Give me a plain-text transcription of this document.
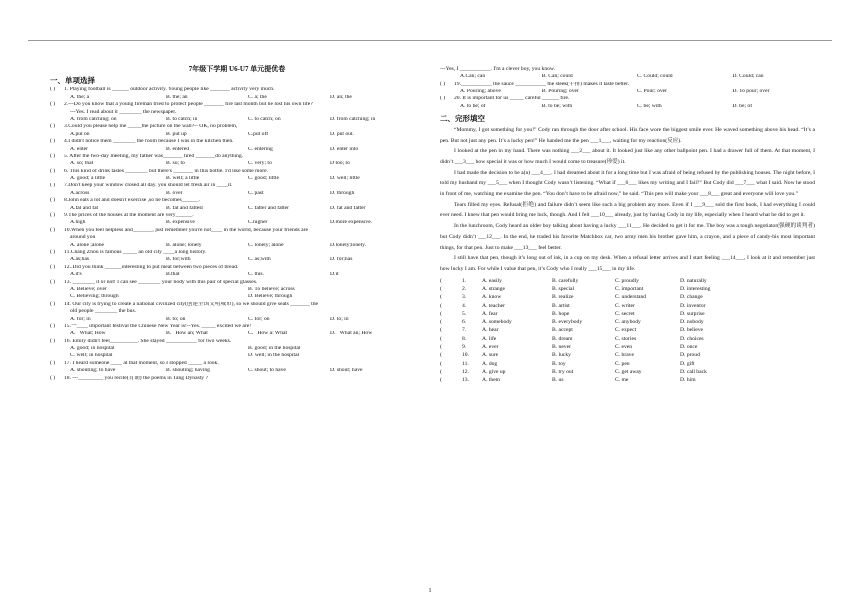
7年级下学期 U6-U7 单元提优卷
一、单项选择
( )	1. Playing football is ______ outdoor activity. Young people like _______ activity very much.
A. the; a	B. the; an	C. a; the	D. an; the
( )	2.---Do you know that a young fireman tried to protect people _______ fire last month but he lost his own life?
---Yes. I read about it ________ the newspaper.
A. from catching; on	B. to catch; in	C. to catch; on	D. from catching; in
( )	3.Could you please help me _____the picture on the wall?-- OK, no problem,
A.put on	B. put up	C.put off	D. put out.
( )	4.I didn't notice them ________ the room because I was in the kitchen then.
A. enter	B. entered	C. entering	D. enter into
( )	5. After the two-day meeting, my father was_______ tired _______do anything.
A. so; that	B. so; to	C. very; to	D too; to
( )	6. This kind of drink tastes ________ but there's _______ in this bottle. I'd like some more.
A. good; a little	B. well; a little	C. good; little	D. well; little
( )	7.Don't keep your window closed all day. you should let fresh air in ____it.
A.across	B. over	C. past	D. through
( )	8.John eats a lot and doesn't exercise ,so he becomes______.
A.fat and fat	B. fat and fattest	C. fatter and fatter	D. fat and fatter
( )	9.The prices of the houses at the moment are very______.
A.high	B. expensive	C.higher	D.more expensive.
( )	10.When you feel helpless and_______, just remember you're not____ in the world, because your friends are
around you
A. alone ;alone	B. alone; lonely	C. lonely; alone	D.lonely;lonely.
( )	11.Chang Zhou is famous _____ an old city ____a long history.
A.as;has	B. for;with	C. as;with	D. for;has
( )	12..Did you think ______interesting to put meat between two pieces of bread.
A.it's	B.that	C. this.	D.it
( )	13. ________ it or not! I can see ________ your body with this pair of special glasses.
A. Believe; over	B. To believe; across
C. Believing; through	D. Believe; through
( )	14. Our city is trying to create a national civilized city(创建全国文明城市), so we should give seats _______ the
old people ________ the bus.
A. for; in	B. to; on	C. for; on	D. to; in
( )	15.一____ important festival the Chinese New Year is!--Yes. _____ excited we are!
A．What; How	B．How an; What	C．How a: What	D．What an; How
( )	16. Emily didn't feel__________. She stayed ___________ for two weeks.
A. good; in hospital	B. good; in the hospital
C. well; in hospital	D. well; in the hospital
( )	17. I heard someone ____ at that moment, so I stopped _____ a look.
A. shouting; to have	B. shouting; having	C. shout; to have	D. shout; have
( )	18. ---_________ you recite(背诵) the poems in Tang Dynasty ?
---Yes, I ___________. I'm a clever boy, you know.
A.Can; can	B. Can; could	C. Could; could	D. Could; can
( )	19.___________ the sauce ___________ the steek(牛排) makes it taste better.
A. Pouring; above	B. Pouring; over	C. Pour; over	D. To pour; over
( )	20. It is important for us _____ careful ______ fire.
A. to be; of	B. to be; with	C. be; with	D. be; of
二、完形填空

“Mommy, I got something for you!” Cody ran through the door after school. His face wore the biggest smile ever. He waved something above his head. “It’s a pen. But not just any pen. It’s a lucky pen!” He handed me the pen ___1___, waiting for my reaction(反应).

I looked at the pen in my hand. There was nothing ___2___ about it. It looked just like any other ballpoint pen. I had a drawer full of them. At that moment, I didn’t ___3___ how special it was or how much I would come to treasure(珍爱) it.

I had made the decision to be a(n) ___4___. I had dreamed about it for a long time but I was afraid of being refused by the publishing houses. The night before, I told my husband my ___5___ when I thought Cody wasn’t listening. “What if ___6___ likes my writing and I fail?” But Cody did ___7___ what I said. Now he stood in front of me, watching me examine the pen. “You don’t have to be afraid now,” he said. “This pen will make your ___8___ great and everyone will love you.”

Tears filled my eyes. Refusal(拒绝) and failure didn’t seem like such a big problem any more. Even if I ___9___ sold the first book, I had everything I could ever need. I knew that pen would bring me luck, though. And I felt ___10___ already, just by having Cody in my life, especially when I heard what he did to get it.

In the lunchroom, Cody heard an older boy talking about having a lucky ___11___. He decided to get it for me. The boy was a tough negotiator(强硬的谈判者) but Cody didn’t ___12___. In the end, he traded his favorite Matchbox car, two army men his brother gave him, a crayon, and a piece of candy-his most important things, for that pen. Just to make ___13___ feel better.

I still have that pen, though it’s long out of ink, in a cup on my desk. When a refusal letter arrives and I start feeling ___14___, I look at it and remember just how lucky I am. For while I value that pen, it’s Cody who I really ___15___ in my life.

(	1.	A. easily	B. carefully	C. proudly	D. naturally
(	2.	A. strange	B. special	C. important	D. interesting
(	3.	A. know	B. realize	C. understand	D. change
(	4.	A. teacher	B. artist	C. writer	D. inventor
(	5.	A. fear	B. hope	C. secret	D. surprise
(	6.	A. somebody	B. everybody	C. anybody	D. nobody
(	7.	A. hear	B. accept	C. expect	D. believe
(	8.	A. life	B. dream	C. stories	D. choices
(	9.	A. ever	B. never	C. even	D. once
(	10.	A. sure	B. lucky	C. brave	D. proud
(	11.	A. dog	B. toy	C. pen	D. gift
(	12.	A. give up	B. try out	C. get away	D. call back
(	13.	A. them	B. us	C. me	D. him
1
